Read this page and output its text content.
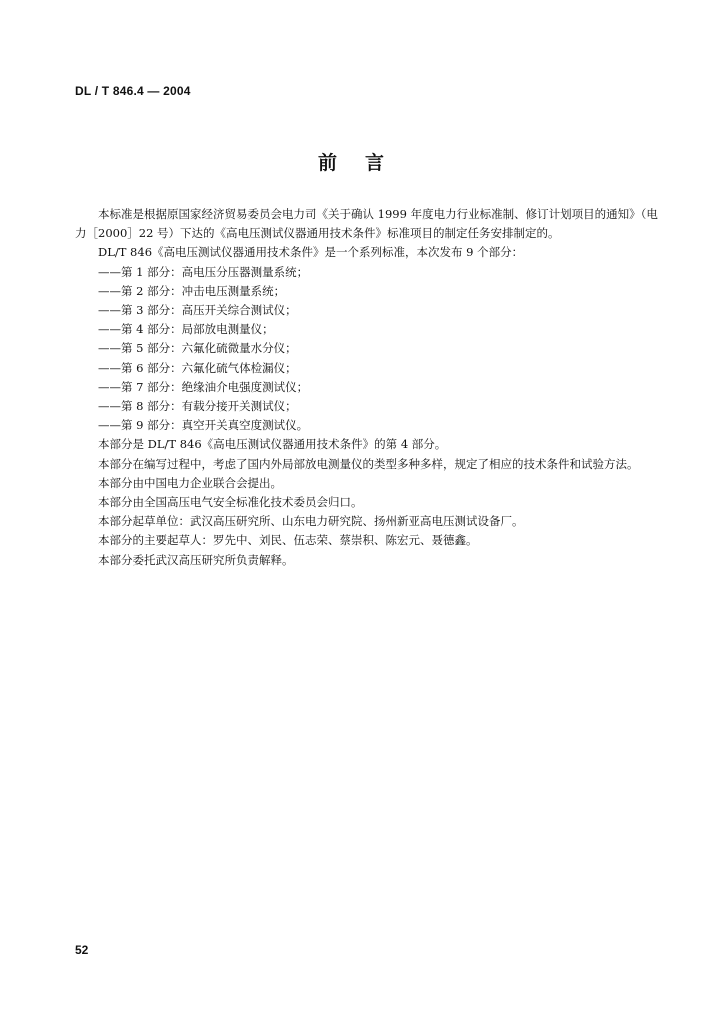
DL / T 846.4 — 2004
前 言

本标准是根据原国家经济贸易委员会电力司《关于确认 1999 年度电力行业标准制、修订计划项目的通知》（电力［2000］22 号）下达的《高电压测试仪器通用技术条件》标准项目的制定任务安排制定的。

DL/T 846《高电压测试仪器通用技术条件》是一个系列标准，本次发布 9 个部分：

——第 1 部分：高电压分压器测量系统；

——第 2 部分：冲击电压测量系统；

——第 3 部分：高压开关综合测试仪；

——第 4 部分：局部放电测量仪；

——第 5 部分：六氟化硫微量水分仪；

——第 6 部分：六氟化硫气体检漏仪；

——第 7 部分：绝缘油介电强度测试仪；

——第 8 部分：有载分接开关测试仪；

——第 9 部分：真空开关真空度测试仪。

本部分是 DL/T 846《高电压测试仪器通用技术条件》的第 4 部分。

本部分在编写过程中，考虑了国内外局部放电测量仪的类型多种多样，规定了相应的技术条件和试验方法。

本部分由中国电力企业联合会提出。

本部分由全国高压电气安全标准化技术委员会归口。

本部分起草单位：武汉高压研究所、山东电力研究院、扬州新亚高电压测试设备厂。

本部分的主要起草人：罗先中、刘民、伍志荣、蔡崇积、陈宏元、聂德鑫。

本部分委托武汉高压研究所负责解释。

52
